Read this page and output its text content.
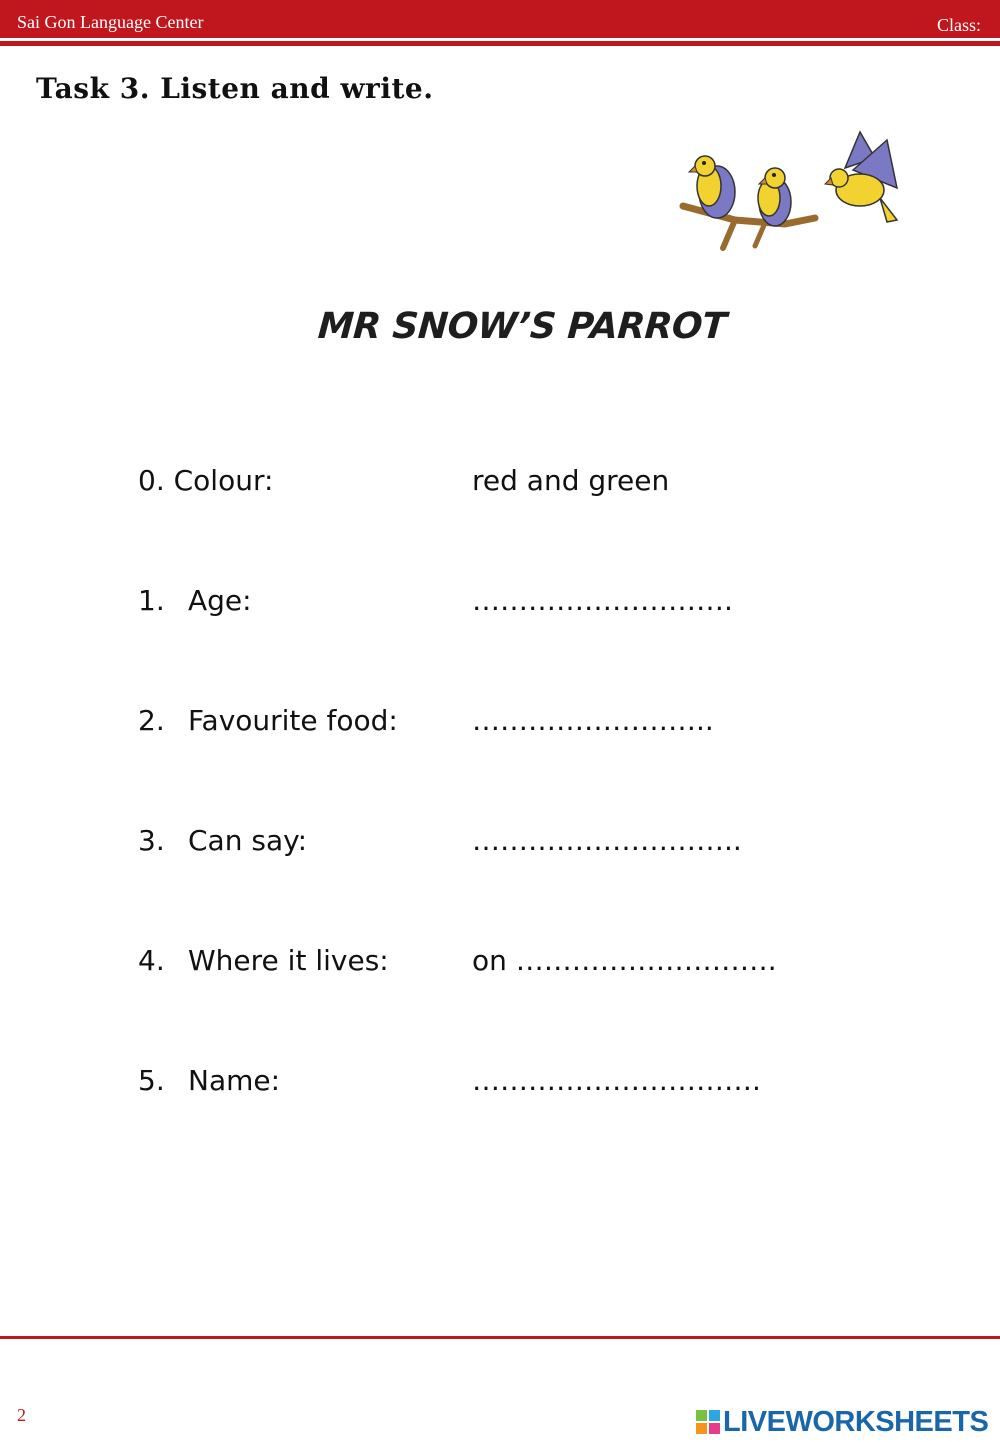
Sai Gon Language Center	Class:
Task 3. Listen and write.
MR SNOW’S PARROT
0. Colour:	red and green
1. Age:	……………………….
2. Favourite food:	……………………..
3. Can say:	………………………..
4. Where it lives:	on ……………………….
5. Name:	………………………….
2	LIVEWORKSHEETS
